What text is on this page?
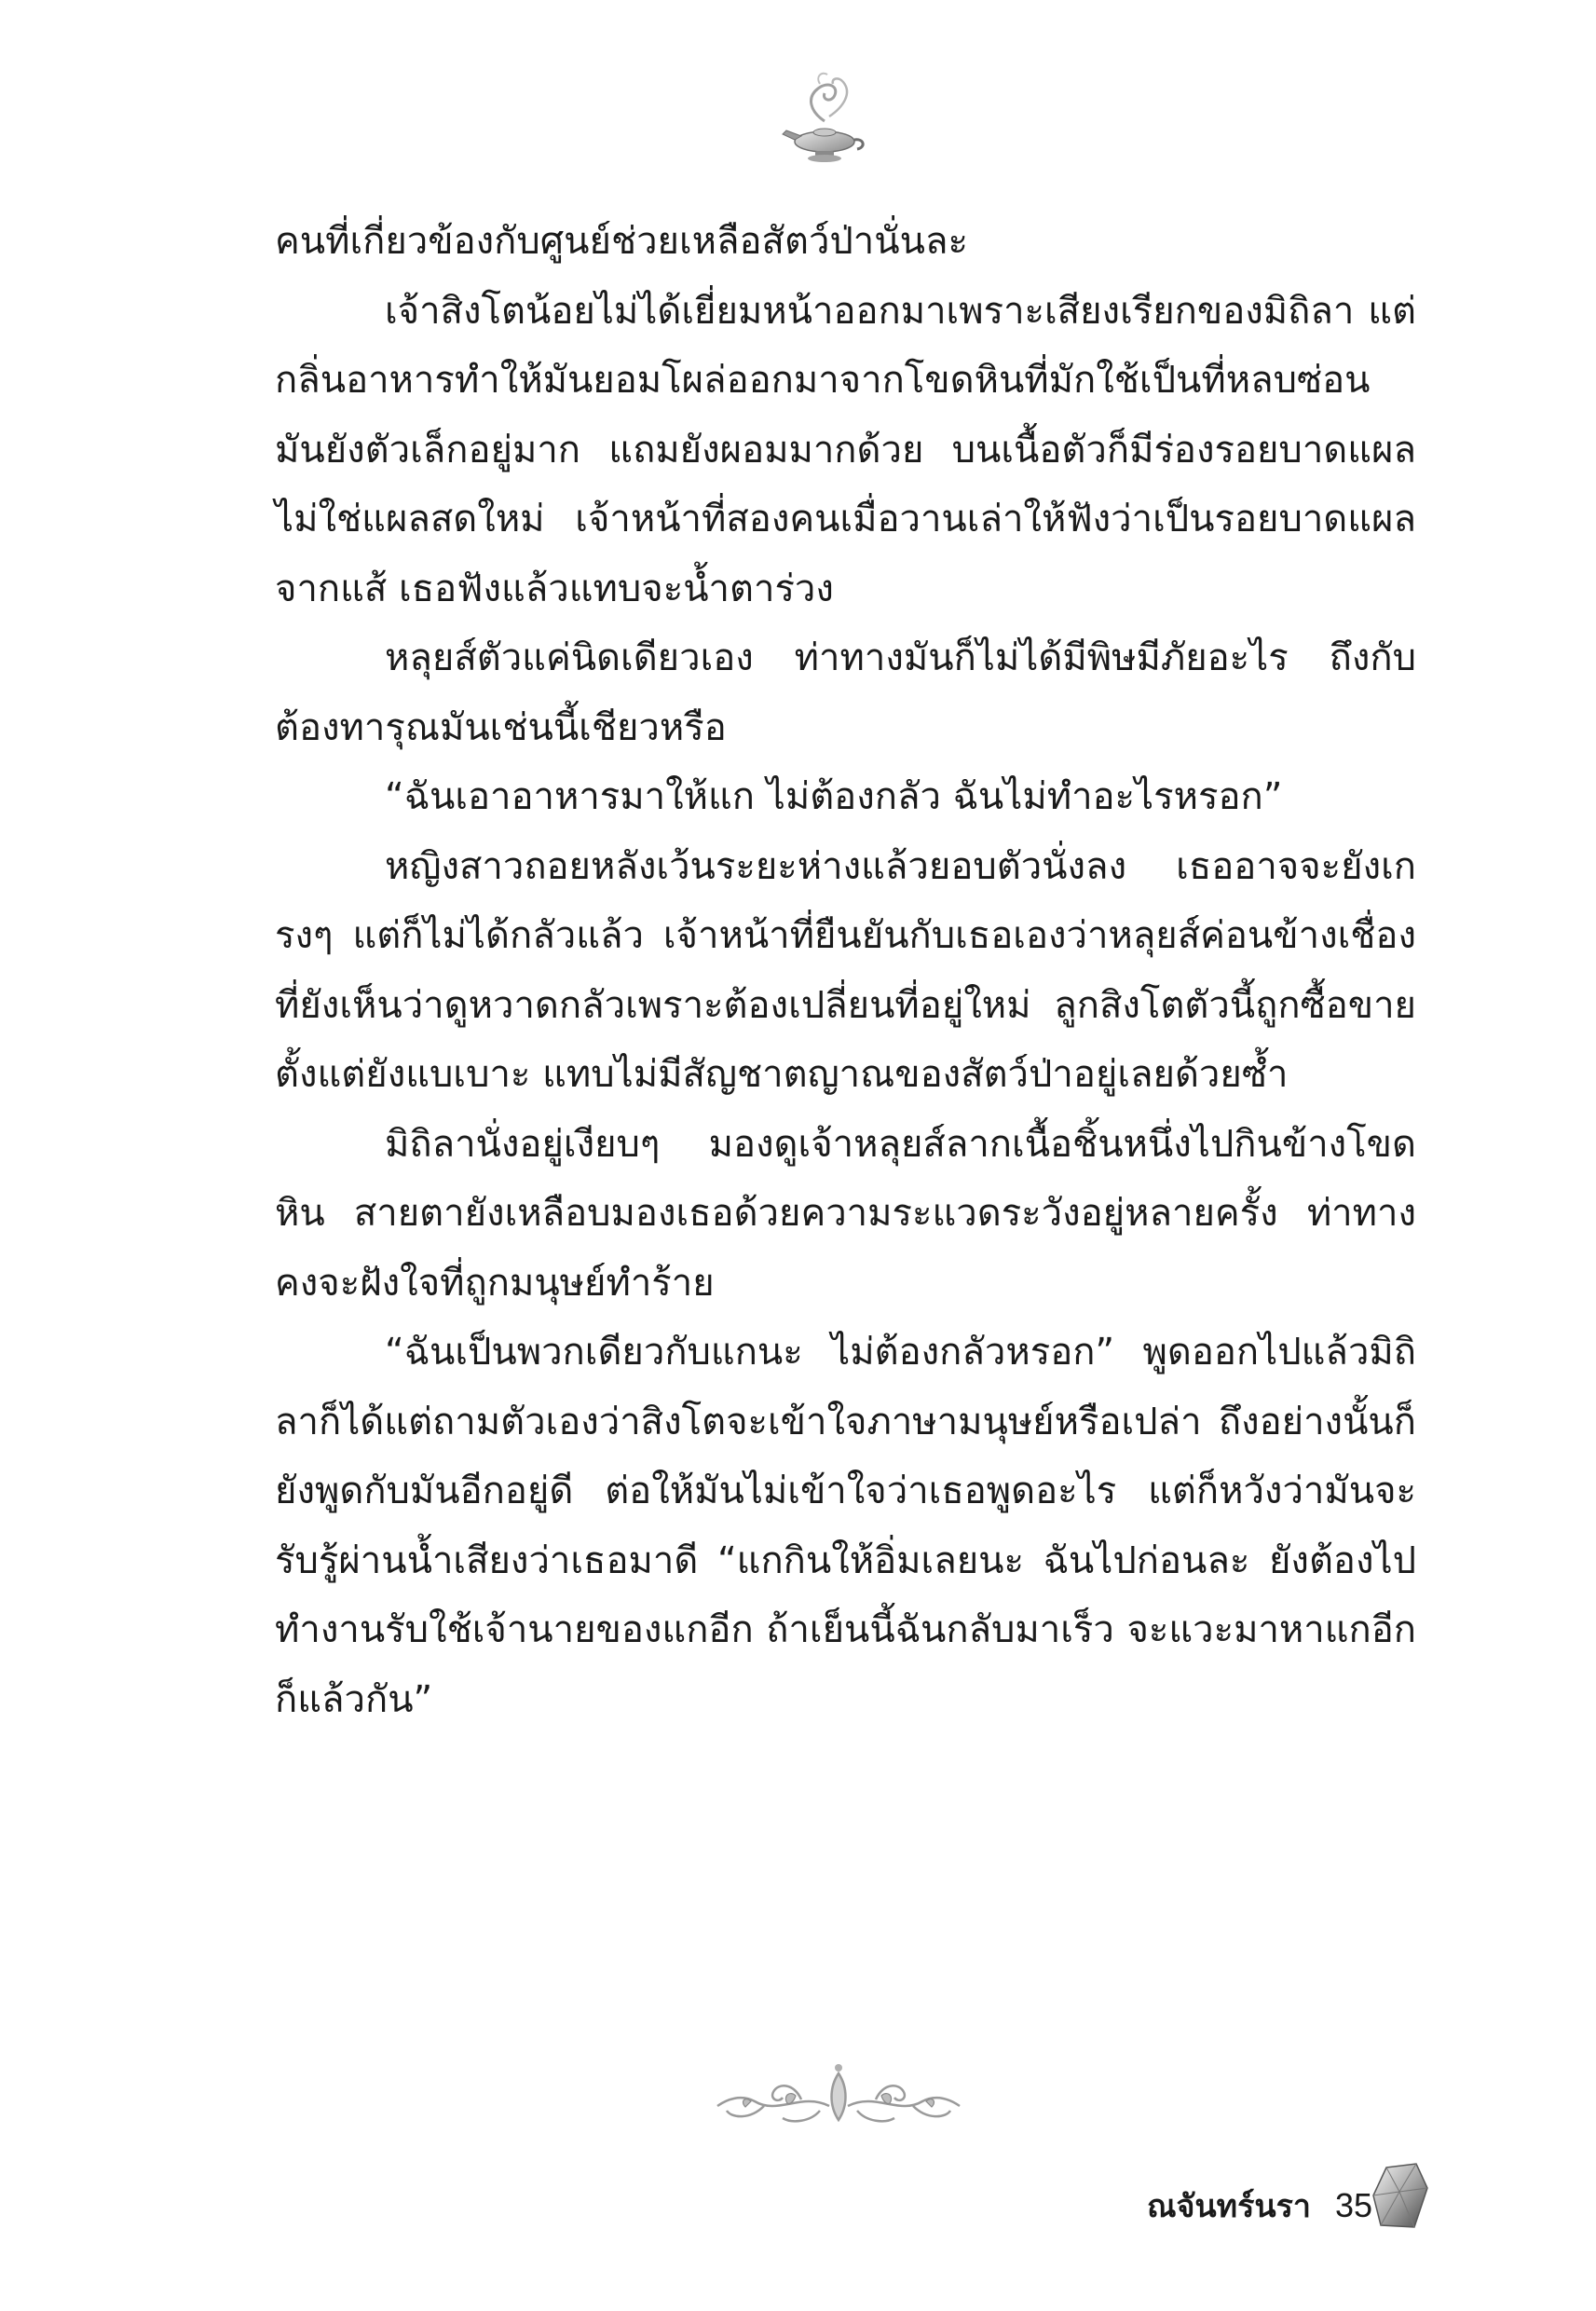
คนที่เกี่ยวข้องกับศูนย์ช่วยเหลือสัตว์ป่านั่นละ

เจ้าสิงโตน้อยไม่ได้เยี่ยมหน้าออกมาเพราะเสียงเรียกของมิถิลา แต่กลิ่นอาหารทำให้มันยอมโผล่ออกมาจากโขดหินที่มักใช้เป็นที่หลบซ่อน มันยังตัวเล็กอยู่มาก แถมยังผอมมากด้วย บนเนื้อตัวก็มีร่องรอยบาดแผล ไม่ใช่แผลสดใหม่ เจ้าหน้าที่สองคนเมื่อวานเล่าให้ฟังว่าเป็นรอยบาดแผลจากแส้ เธอฟังแล้วแทบจะน้ำตาร่วง

หลุยส์ตัวแค่นิดเดียวเอง ท่าทางมันก็ไม่ได้มีพิษมีภัยอะไร ถึงกับต้องทารุณมันเช่นนี้เชียวหรือ

“ฉันเอาอาหารมาให้แก ไม่ต้องกลัว ฉันไม่ทำอะไรหรอก”

หญิงสาวถอยหลังเว้นระยะห่างแล้วยอบตัวนั่งลง เธออาจจะยังเกรงๆ แต่ก็ไม่ได้กลัวแล้ว เจ้าหน้าที่ยืนยันกับเธอเองว่าหลุยส์ค่อนข้างเชื่อง ที่ยังเห็นว่าดูหวาดกลัวเพราะต้องเปลี่ยนที่อยู่ใหม่ ลูกสิงโตตัวนี้ถูกซื้อขายตั้งแต่ยังแบเบาะ แทบไม่มีสัญชาตญาณของสัตว์ป่าอยู่เลยด้วยซ้ำ

มิถิลานั่งอยู่เงียบๆ มองดูเจ้าหลุยส์ลากเนื้อชิ้นหนึ่งไปกินข้างโขดหิน สายตายังเหลือบมองเธอด้วยความระแวดระวังอยู่หลายครั้ง ท่าทางคงจะฝังใจที่ถูกมนุษย์ทำร้าย

“ฉันเป็นพวกเดียวกับแกนะ ไม่ต้องกลัวหรอก” พูดออกไปแล้วมิถิลาก็ได้แต่ถามตัวเองว่าสิงโตจะเข้าใจภาษามนุษย์หรือเปล่า ถึงอย่างนั้นก็ยังพูดกับมันอีกอยู่ดี ต่อให้มันไม่เข้าใจว่าเธอพูดอะไร แต่ก็หวังว่ามันจะรับรู้ผ่านน้ำเสียงว่าเธอมาดี “แกกินให้อิ่มเลยนะ ฉันไปก่อนละ ยังต้องไปทำงานรับใช้เจ้านายของแกอีก ถ้าเย็นนี้ฉันกลับมาเร็ว จะแวะมาหาแกอีกก็แล้วกัน”

ณจันทร์นรา 35
